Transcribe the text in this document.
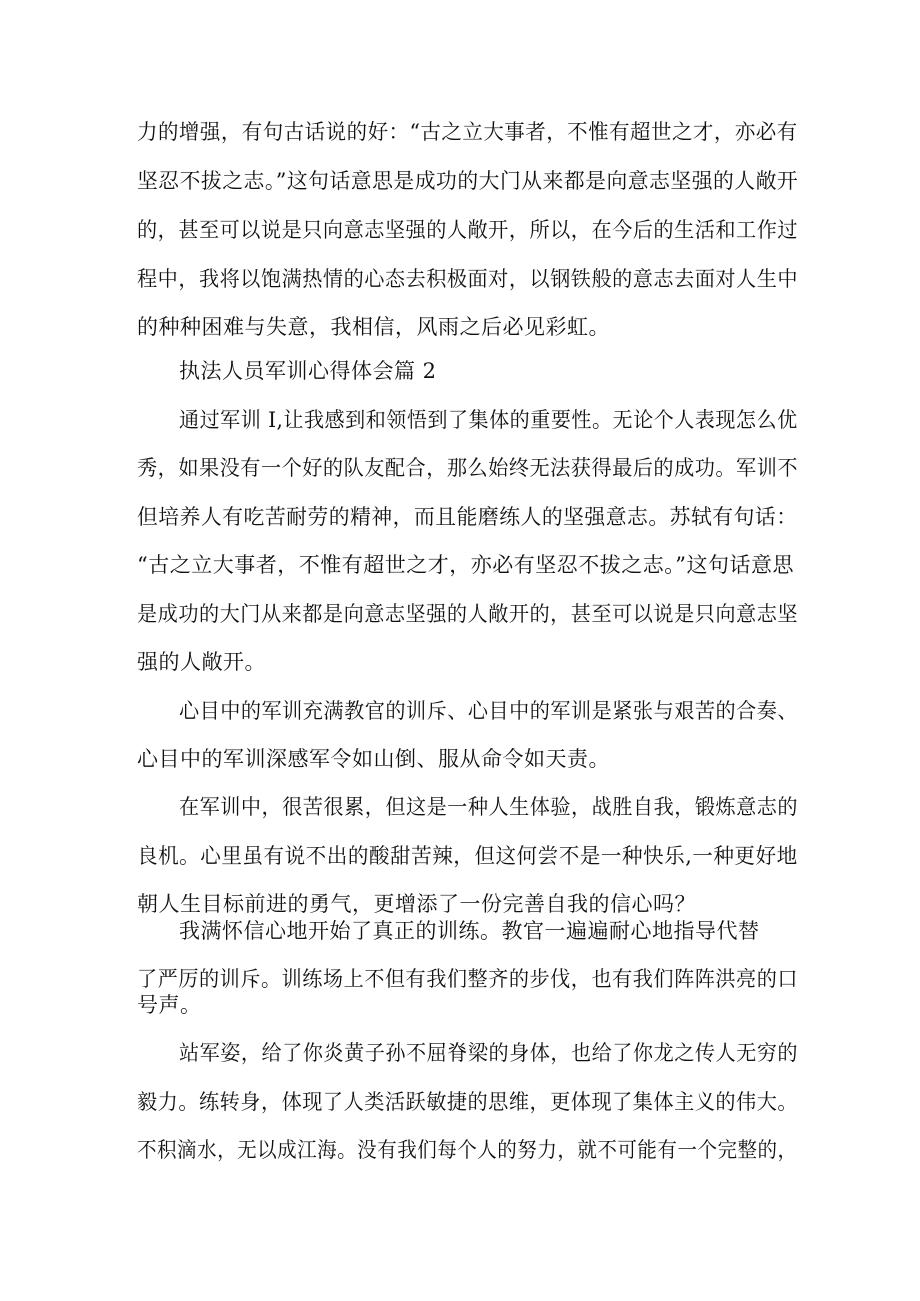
力的增强，有句古话说的好：“古之立大事者，不惟有超世之才，亦必有
坚忍不拔之志。”这句话意思是成功的大门从来都是向意志坚强的人敞开
的，甚至可以说是只向意志坚强的人敞开，所以，在今后的生活和工作过
程中，我将以饱满热情的心态去积极面对，以钢铁般的意志去面对人生中
的种种困难与失意，我相信，风雨之后必见彩虹。
执法人员军训心得体会篇 2
通过军训 I,让我感到和领悟到了集体的重要性。无论个人表现怎么优
秀，如果没有一个好的队友配合，那么始终无法获得最后的成功。军训不
但培养人有吃苦耐劳的精神，而且能磨练人的坚强意志。苏轼有句话：
“古之立大事者，不惟有超世之才，亦必有坚忍不拔之志。”这句话意思
是成功的大门从来都是向意志坚强的人敞开的，甚至可以说是只向意志坚
强的人敞开。
心目中的军训充满教官的训斥、心目中的军训是紧张与艰苦的合奏、
心目中的军训深感军令如山倒、服从命令如天责。
在军训中，很苦很累，但这是一种人生体验，战胜自我，锻炼意志的
良机。心里虽有说不出的酸甜苦辣，但这何尝不是一种快乐,一种更好地
朝人生目标前进的勇气，更增添了一份完善自我的信心吗？
我满怀信心地开始了真正的训练。教官一遍遍耐心地指导代替
了严厉的训斥。训练场上不但有我们整齐的步伐，也有我们阵阵洪亮的口
号声。
站军姿，给了你炎黄子孙不屈脊梁的身体，也给了你龙之传人无穷的
毅力。练转身，体现了人类活跃敏捷的思维，更体现了集体主义的伟大。
不积滴水，无以成江海。没有我们每个人的努力，就不可能有一个完整的，
